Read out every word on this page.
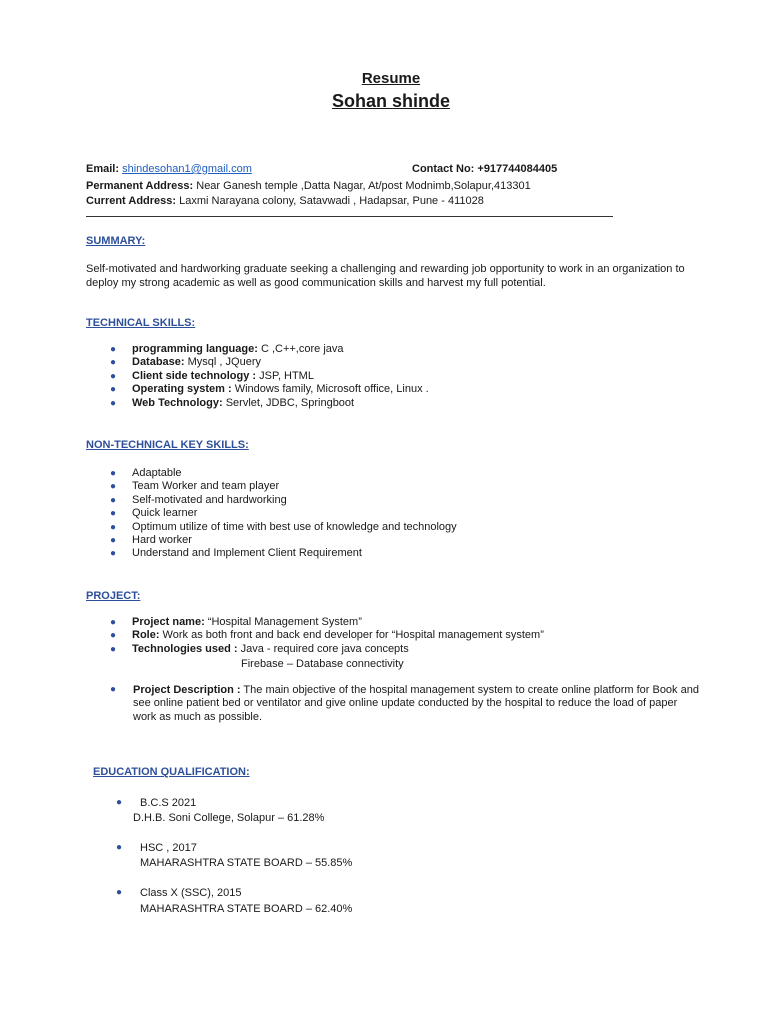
Resume
Sohan shinde
Email: shindesohan1@gmail.com	Contact No: +917744084405
Permanent Address: Near Ganesh temple ,Datta Nagar, At/post Modnimb,Solapur,413301
Current Address: Laxmi Narayana colony, Satavwadi , Hadapsar, Pune - 411028
SUMMARY:
Self-motivated and hardworking graduate seeking a challenging and rewarding job opportunity to work in an organization to deploy my strong academic as well as good communication skills and harvest my full potential.
TECHNICAL SKILLS:
● programming language: C ,C++,core java
● Database: Mysql , JQuery
● Client side technology : JSP, HTML
● Operating system : Windows family, Microsoft office, Linux .
● Web Technology: Servlet, JDBC, Springboot
NON-TECHNICAL KEY SKILLS:
● Adaptable
● Team Worker and team player
● Self-motivated and hardworking
● Quick learner
● Optimum utilize of time with best use of knowledge and technology
● Hard worker
● Understand and Implement Client Requirement
PROJECT:
● Project name: “Hospital Management System”
● Role: Work as both front and back end developer for “Hospital management system”
● Technologies used : Java - required core java concepts
Firebase – Database connectivity
● Project Description : The main objective of the hospital management system to create online platform for Book and see online patient bed or ventilator and give online update conducted by the hospital to reduce the load of paper work as much as possible.
EDUCATION QUALIFICATION:
● B.C.S 2021
D.H.B. Soni College, Solapur – 61.28%
● HSC , 2017
MAHARASHTRA STATE BOARD – 55.85%
● Class X (SSC), 2015
MAHARASHTRA STATE BOARD – 62.40%
